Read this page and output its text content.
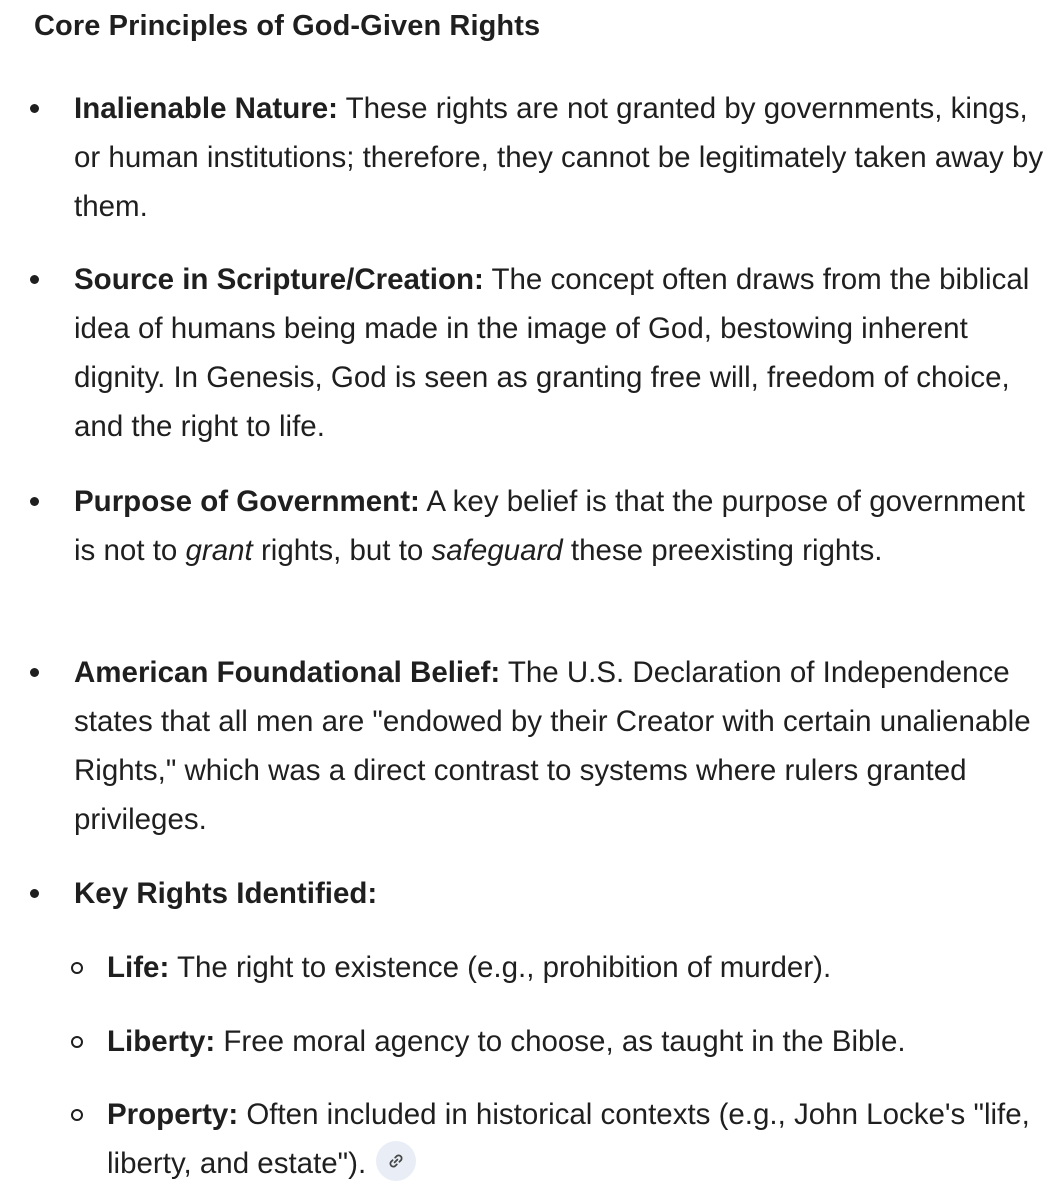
Core Principles of God-Given Rights
Inalienable Nature: These rights are not granted by governments, kings, or human institutions; therefore, they cannot be legitimately taken away by them.
Source in Scripture/Creation: The concept often draws from the biblical idea of humans being made in the image of God, bestowing inherent dignity. In Genesis, God is seen as granting free will, freedom of choice, and the right to life.
Purpose of Government: A key belief is that the purpose of government is not to grant rights, but to safeguard these preexisting rights.
American Foundational Belief: The U.S. Declaration of Independence states that all men are "endowed by their Creator with certain unalienable Rights," which was a direct contrast to systems where rulers granted privileges.
Key Rights Identified:
Life: The right to existence (e.g., prohibition of murder).
Liberty: Free moral agency to choose, as taught in the Bible.
Property: Often included in historical contexts (e.g., John Locke's "life, liberty, and estate").
